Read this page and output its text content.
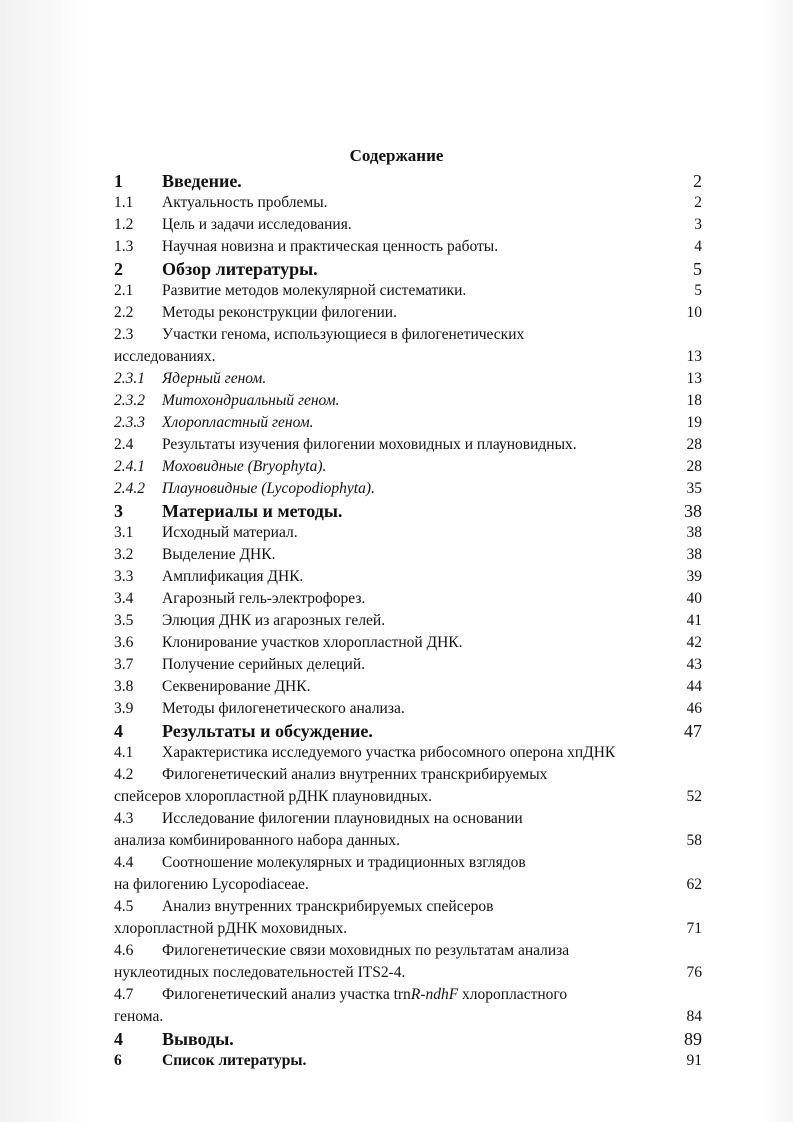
Содержание
1 Введение.	2
1.1 Актуальность проблемы.	2
1.2 Цель и задачи исследования.	3
1.3 Научная новизна и практическая ценность работы.	4
2 Обзор литературы.	5
2.1 Развитие методов молекулярной систематики.	5
2.2 Методы реконструкции филогении.	10
2.3 Участки генома, использующиеся в филогенетических
исследованиях.	13
2.3.1 Ядерный геном.	13
2.3.2 Митохондриальный геном.	18
2.3.3 Хлоропластный геном.	19
2.4 Результаты изучения филогении моховидных и плауновидных.	28
2.4.1 Моховидные (Bryophyta).	28
2.4.2 Плауновидные (Lycopodiophyta).	35
3 Материалы и методы.	38
3.1 Исходный материал.	38
3.2 Выделение ДНК.	38
3.3 Амплификация ДНК.	39
3.4 Агарозный гель-электрофорез.	40
3.5 Элюция ДНК из агарозных гелей.	41
3.6 Клонирование участков хлоропластной ДНК.	42
3.7 Получение серийных делеций.	43
3.8 Секвенирование ДНК.	44
3.9 Методы филогенетического анализа.	46
4 Результаты и обсуждение.	47
4.1 Характеристика исследуемого участка рибосомного оперона хпДНК
4.2 Филогенетический анализ внутренних транскрибируемых
спейсеров хлоропластной рДНК плауновидных.	52
4.3 Исследование филогении плауновидных на основании
анализа комбинированного набора данных.	58
4.4 Соотношение молекулярных и традиционных взглядов
на филогению Lycopodiaceae.	62
4.5 Анализ внутренних транскрибируемых спейсеров
хлоропластной рДНК моховидных.	71
4.6 Филогенетические связи моховидных по результатам анализа
нуклеотидных последовательностей ITS2-4.	76
4.7 Филогенетический анализ участка trnR-ndhF хлоропластного
генома.	84
4 Выводы.	89
6	Список литературы.	91
